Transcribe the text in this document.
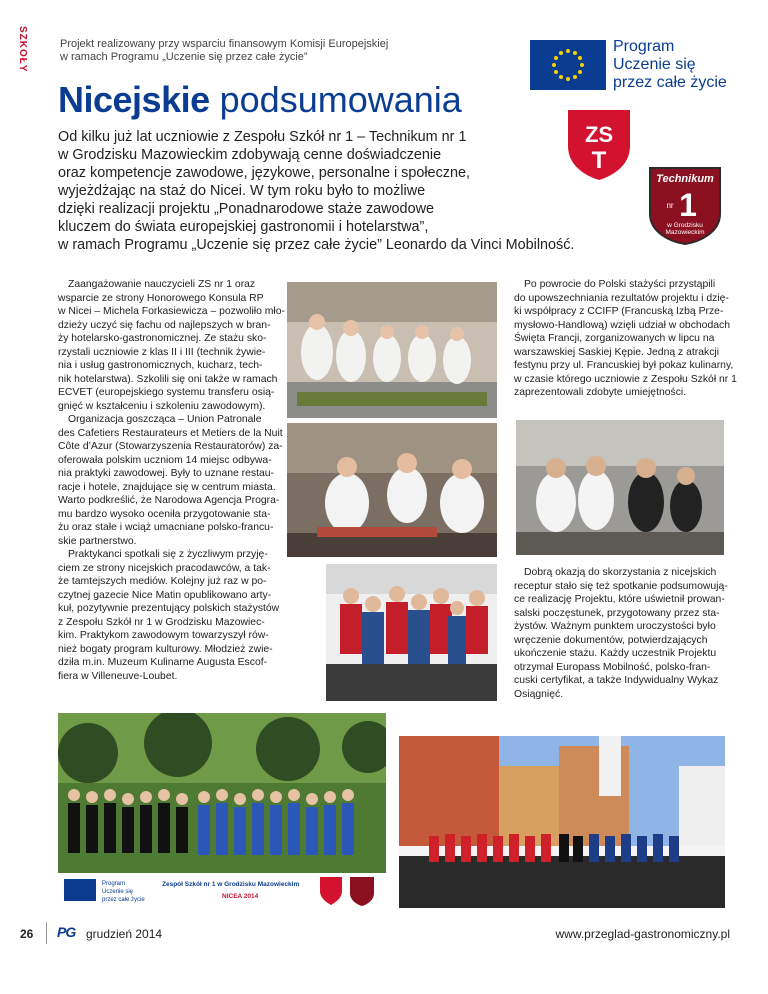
SZKOŁY	Projekt realizowany przy wsparciu finansowym Komisji Europejskiej
w ramach Programu „Uczenie się przez całe życie”
Program
Uczenie się
przez całe życie
Nicejskie podsumowania
Od kilku już lat uczniowie z Zespołu Szkół nr 1 – Technikum nr 1
w Grodzisku Mazowieckim zdobywają cenne doświadczenie
oraz kompetencje zawodowe, językowe, personalne i społeczne,
wyjeżdżając na staż do Nicei. W tym roku było to możliwe
dzięki realizacji projektu „Ponadnarodowe staże zawodowe
kluczem do świata europejskiej gastronomii i hotelarstwa”,
w ramach Programu „Uczenie się przez całe życie” Leonardo da Vinci Mobilność.
ZS
T
Technikum
nr 1
w Grodzisku
Mazowieckim
Zaangażowanie nauczycieli ZS nr 1 oraz
wsparcie ze strony Honorowego Konsula RP
w Nicei – Michela Forkasiewicza – pozwoliło mło-
dzieży uczyć się fachu od najlepszych w bran-
ży hotelarsko-gastronomicznej. Ze stażu sko-
rzystali uczniowie z klas II i III (technik żywie-
nia i usług gastronomicznych, kucharz, tech-
nik hotelarstwa). Szkolili się oni także w ramach
ECVET (europejskiego systemu transferu osią-
gnięć w kształceniu i szkoleniu zawodowym).
Organizacja goszcząca – Union Patronale
des Cafetiers Restaurateurs et Metiers de la Nuit
Côte d’Azur (Stowarzyszenia Restauratorów) za-
oferowała polskim uczniom 14 miejsc odbywa-
nia praktyki zawodowej. Były to uznane restau-
racje i hotele, znajdujące się w centrum miasta.
Warto podkreślić, że Narodowa Agencja Progra-
mu bardzo wysoko oceniła przygotowanie sta-
żu oraz stałe i wciąż umacniane polsko-francu-
skie partnerstwo.
Praktykanci spotkali się z życzliwym przyję-
ciem ze strony nicejskich pracodawców, a tak-
że tamtejszych mediów. Kolejny już raz w po-
czytnej gazecie Nice Matin opublikowano arty-
kuł, pozytywnie prezentujący polskich stażystów
z Zespołu Szkół nr 1 w Grodzisku Mazowiec-
kim. Praktykom zawodowym towarzyszył rów-
nież bogaty program kulturowy. Młodzież zwie-
dziła m.in. Muzeum Kulinarne Augusta Escof-
fiera w Villeneuve-Loubet.
Po powrocie do Polski stażyści przystąpili
do upowszechniania rezultatów projektu i dzię-
ki współpracy z CCIFP (Francuską Izbą Prze-
mysłowo-Handlową) wzięli udział w obchodach
Święta Francji, zorganizowanych w lipcu na
warszawskiej Saskiej Kępie. Jedną z atrakcji
festynu przy ul. Francuskiej był pokaz kulinarny,
w czasie którego uczniowie z Zespołu Szkół nr 1
zaprezentowali zdobyte umiejętności.
Dobrą okazją do skorzystania z nicejskich
receptur stało się też spotkanie podsumowują-
ce realizację Projektu, które uświetnił prowan-
salski poczęstunek, przygotowany przez sta-
żystów. Ważnym punktem uroczystości było
wręczenie dokumentów, potwierdzających
ukończenie stażu. Każdy uczestnik Projektu
otrzymał Europass Mobilność, polsko-fran-
cuski certyfikat, a także Indywidualny Wykaz
Osiągnięć.
Program
Uczenie się
przez całe życie
Zespół Szkół nr 1 w Grodzisku Mazowieckim
NICEA 2014
26 PG grudzień 2014	www.przeglad-gastronomiczny.pl
